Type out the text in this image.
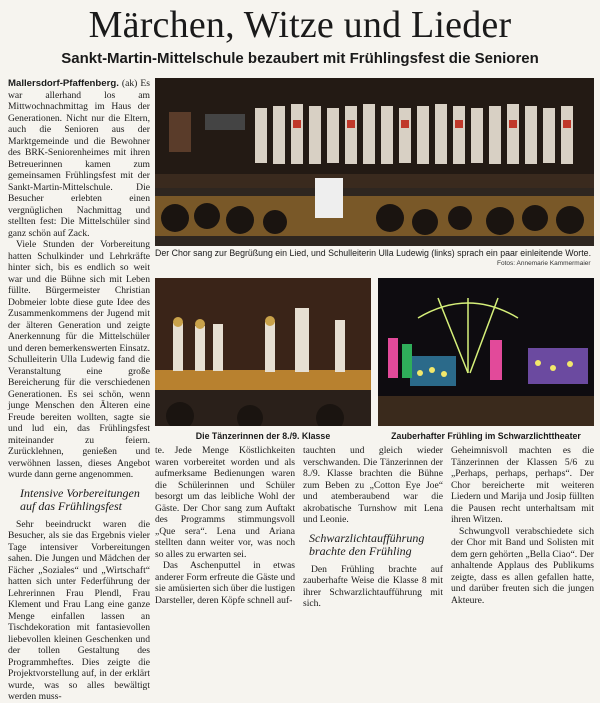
Märchen, Witze und Lieder
Sankt-Martin-Mittelschule bezaubert mit Frühlingsfest die Senioren

Mallersdorf-Pfaffenberg. (ak) Es war allerhand los am Mittwochnachmittag im Haus der Generationen. Nicht nur die Eltern, auch die Senioren aus der Marktgemeinde und die Bewohner des BRK-Seniorenheimes mit ihren Betreuerinnen kamen zum gemeinsamen Frühlingsfest mit der Sankt-Martin-Mittelschule. Die Besucher erlebten einen vergnüglichen Nachmittag und stellten fest: Die Mittelschüler sind ganz schön auf Zack.

Viele Stunden der Vorbereitung hatten Schulkinder und Lehrkräfte hinter sich, bis es endlich so weit war und die Bühne sich mit Leben füllte. Bürgermeister Christian Dobmeier lobte diese gute Idee des Zusammenkommens der Jugend mit der älteren Generation und zeigte Anerkennung für die Mittelschüler und deren bemerkenswerten Einsatz. Schulleiterin Ulla Ludewig fand die Veranstaltung eine große Bereicherung für die verschiedenen Generationen. Es sei schön, wenn junge Menschen den Älteren eine Freude bereiten wollten, sagte sie und lud ein, das Frühlingsfest miteinander zu feiern. Zurücklehnen, genießen und verwöhnen lassen, dieses Angebot wurde dann gerne angenommen.

Intensive Vorbereitungen auf das Frühlingsfest

Sehr beeindruckt waren die Besucher, als sie das Ergebnis vieler Tage intensiver Vorbereitungen sahen. Die Jungen und Mädchen der Fächer „Soziales“ und „Wirtschaft“ hatten sich unter Federführung der Lehrerinnen Frau Plendl, Frau Klement und Frau Lang eine ganze Menge einfallen lassen an Tischdekoration mit fantasievollen liebevollen kleinen Geschenken und der tollen Gestaltung des Programmheftes. Dies zeigte die Projektvorstellung auf, in der erklärt wurde, was so alles bewältigt werden muss-

Der Chor sang zur Begrüßung ein Lied, und Schulleiterin Ulla Ludewig (links) sprach ein paar einleitende Worte.
Fotos: Annemarie Kammermaier
Die Tänzerinnen der 8./9. Klasse	Zauberhafter Frühling im Schwarzlichttheater

te. Jede Menge Köstlichkeiten waren vorbereitet worden und als aufmerksame Bedienungen waren die Schülerinnen und Schüler besorgt um das leibliche Wohl der Gäste. Der Chor sang zum Auftakt des Programms stimmungsvoll „Que sera“. Lena und Ariana stellten dann weiter vor, was noch so alles zu erwarten sei.

Das Aschenputtel in etwas anderer Form erfreute die Gäste und sie amüsierten sich über die lustigen Darsteller, deren Köpfe schnell auf-

tauchten und gleich wieder verschwanden. Die Tänzerinnen der 8./9. Klasse brachten die Bühne zum Beben zu „Cotton Eye Joe“ und atemberaubend war die akrobatische Turnshow mit Lena und Leonie.

Schwarzlichtaufführung brachte den Frühling

Den Frühling brachte auf zauberhafte Weise die Klasse 8 mit ihrer Schwarzlichtaufführung mit sich.

Geheimnisvoll machten es die Tänzerinnen der Klassen 5/6 zu „Perhaps, perhaps, perhaps“. Der Chor bereicherte mit weiteren Liedern und Marija und Josip füllten die Pausen recht unterhaltsam mit ihren Witzen.

Schwungvoll verabschiedete sich der Chor mit Band und Solisten mit dem gern gehörten „Bella Ciao“. Der anhaltende Applaus des Publikums zeigte, dass es allen gefallen hatte, und darüber freuten sich die jungen Akteure.
